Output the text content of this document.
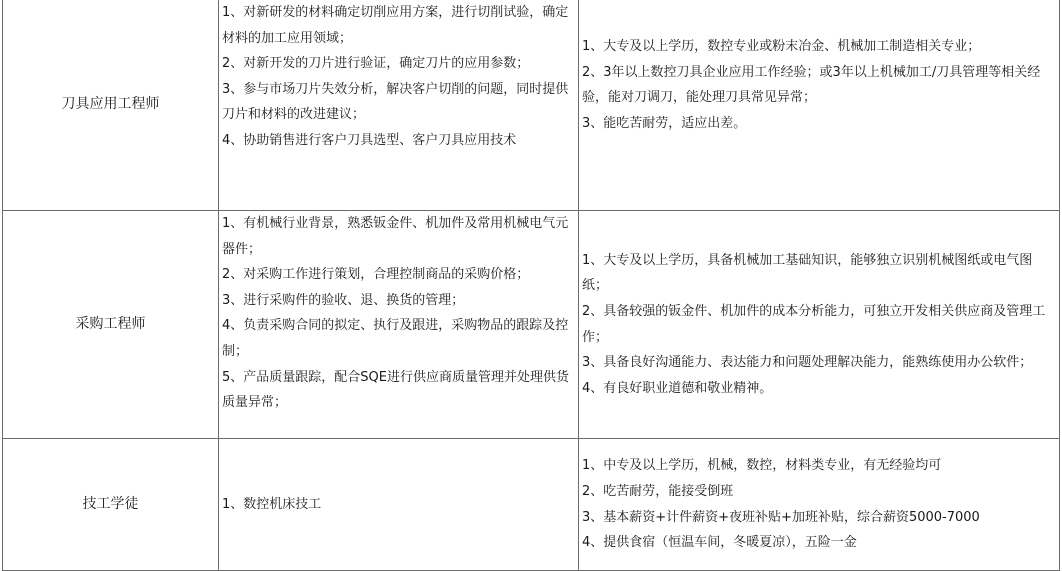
刀具应用工程师	1、对新研发的材料确定切削应用方案，进行切削试验，确定材料的加工应用领域；
2、对新开发的刀片进行验证，确定刀片的应用参数；
3、参与市场刀片失效分析，解决客户切削的问题，同时提供刀片和材料的改进建议；
4、协助销售进行客户刀具选型、客户刀具应用技术	1、大专及以上学历，数控专业或粉末冶金、机械加工制造相关专业；
2、3年以上数控刀具企业应用工作经验；或3年以上机械加工/刀具管理等相关经验，能对刀调刀，能处理刀具常见异常；
3、能吃苦耐劳，适应出差。

采购工程师	1、有机械行业背景，熟悉钣金件、机加件及常用机械电气元器件；
2、对采购工作进行策划，合理控制商品的采购价格；
3、进行采购件的验收、退、换货的管理；
4、负责采购合同的拟定、执行及跟进，采购物品的跟踪及控制；
5、产品质量跟踪，配合SQE进行供应商质量管理并处理供货质量异常；	1、大专及以上学历，具备机械加工基础知识，能够独立识别机械图纸或电气图纸；
2、具备较强的钣金件、机加件的成本分析能力，可独立开发相关供应商及管理工作；
3、具备良好沟通能力、表达能力和问题处理解决能力，能熟练使用办公软件；
4、有良好职业道德和敬业精神。

技工学徒	1、数控机床技工	1、中专及以上学历，机械，数控，材料类专业，有无经验均可
2、吃苦耐劳，能接受倒班
3、基本薪资+计件薪资+夜班补贴+加班补贴，综合薪资5000-7000
4、提供食宿（恒温车间，冬暖夏凉），五险一金
